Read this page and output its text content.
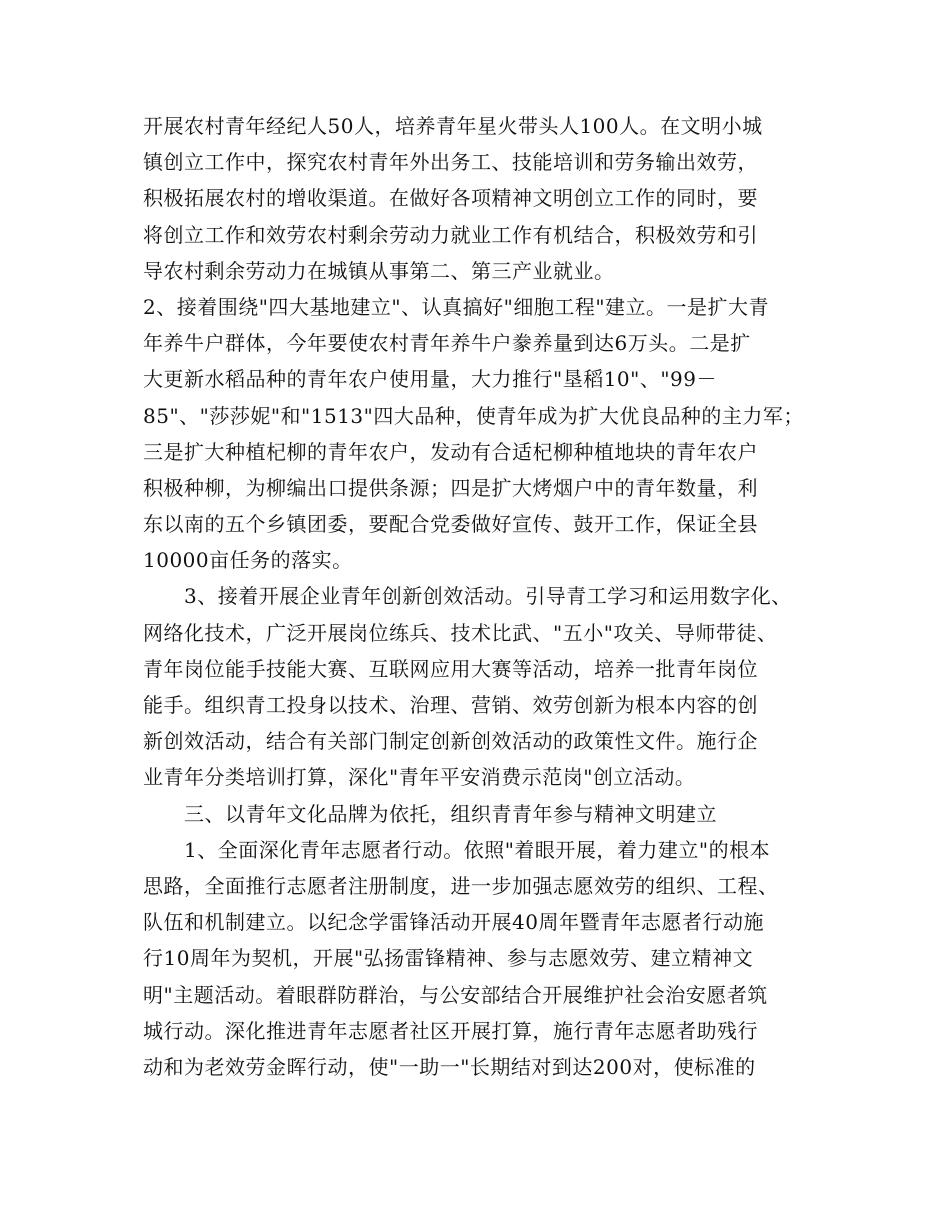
开展农村青年经纪人50人，培养青年星火带头人100人。在文明小城
镇创立工作中，探究农村青年外出务工、技能培训和劳务输出效劳，
积极拓展农村的增收渠道。在做好各项精神文明创立工作的同时，要
将创立工作和效劳农村剩余劳动力就业工作有机结合，积极效劳和引
导农村剩余劳动力在城镇从事第二、第三产业就业。
2、接着围绕"四大基地建立"、认真搞好"细胞工程"建立。一是扩大青
年养牛户群体，今年要使农村青年养牛户豢养量到达6万头。二是扩
大更新水稻品种的青年农户使用量，大力推行"垦稻10"、"99－
85"、"莎莎妮"和"1513"四大品种，使青年成为扩大优良品种的主力军；
三是扩大种植杞柳的青年农户，发动有合适杞柳种植地块的青年农户
积极种柳，为柳编出口提供条源；四是扩大烤烟户中的青年数量，利
东以南的五个乡镇团委，要配合党委做好宣传、鼓开工作，保证全县
10000亩任务的落实。
　　3、接着开展企业青年创新创效活动。引导青工学习和运用数字化、
网络化技术，广泛开展岗位练兵、技术比武、"五小"攻关、导师带徒、
青年岗位能手技能大赛、互联网应用大赛等活动，培养一批青年岗位
能手。组织青工投身以技术、治理、营销、效劳创新为根本内容的创
新创效活动，结合有关部门制定创新创效活动的政策性文件。施行企
业青年分类培训打算，深化"青年平安消费示范岗"创立活动。
　　三、以青年文化品牌为依托，组织青青年参与精神文明建立
　　1、全面深化青年志愿者行动。依照"着眼开展，着力建立"的根本
思路，全面推行志愿者注册制度，进一步加强志愿效劳的组织、工程、
队伍和机制建立。以纪念学雷锋活动开展40周年暨青年志愿者行动施
行10周年为契机，开展"弘扬雷锋精神、参与志愿效劳、建立精神文
明"主题活动。着眼群防群治，与公安部结合开展维护社会治安愿者筑
城行动。深化推进青年志愿者社区开展打算，施行青年志愿者助残行
动和为老效劳金晖行动，使"一助一"长期结对到达200对，使标准的
